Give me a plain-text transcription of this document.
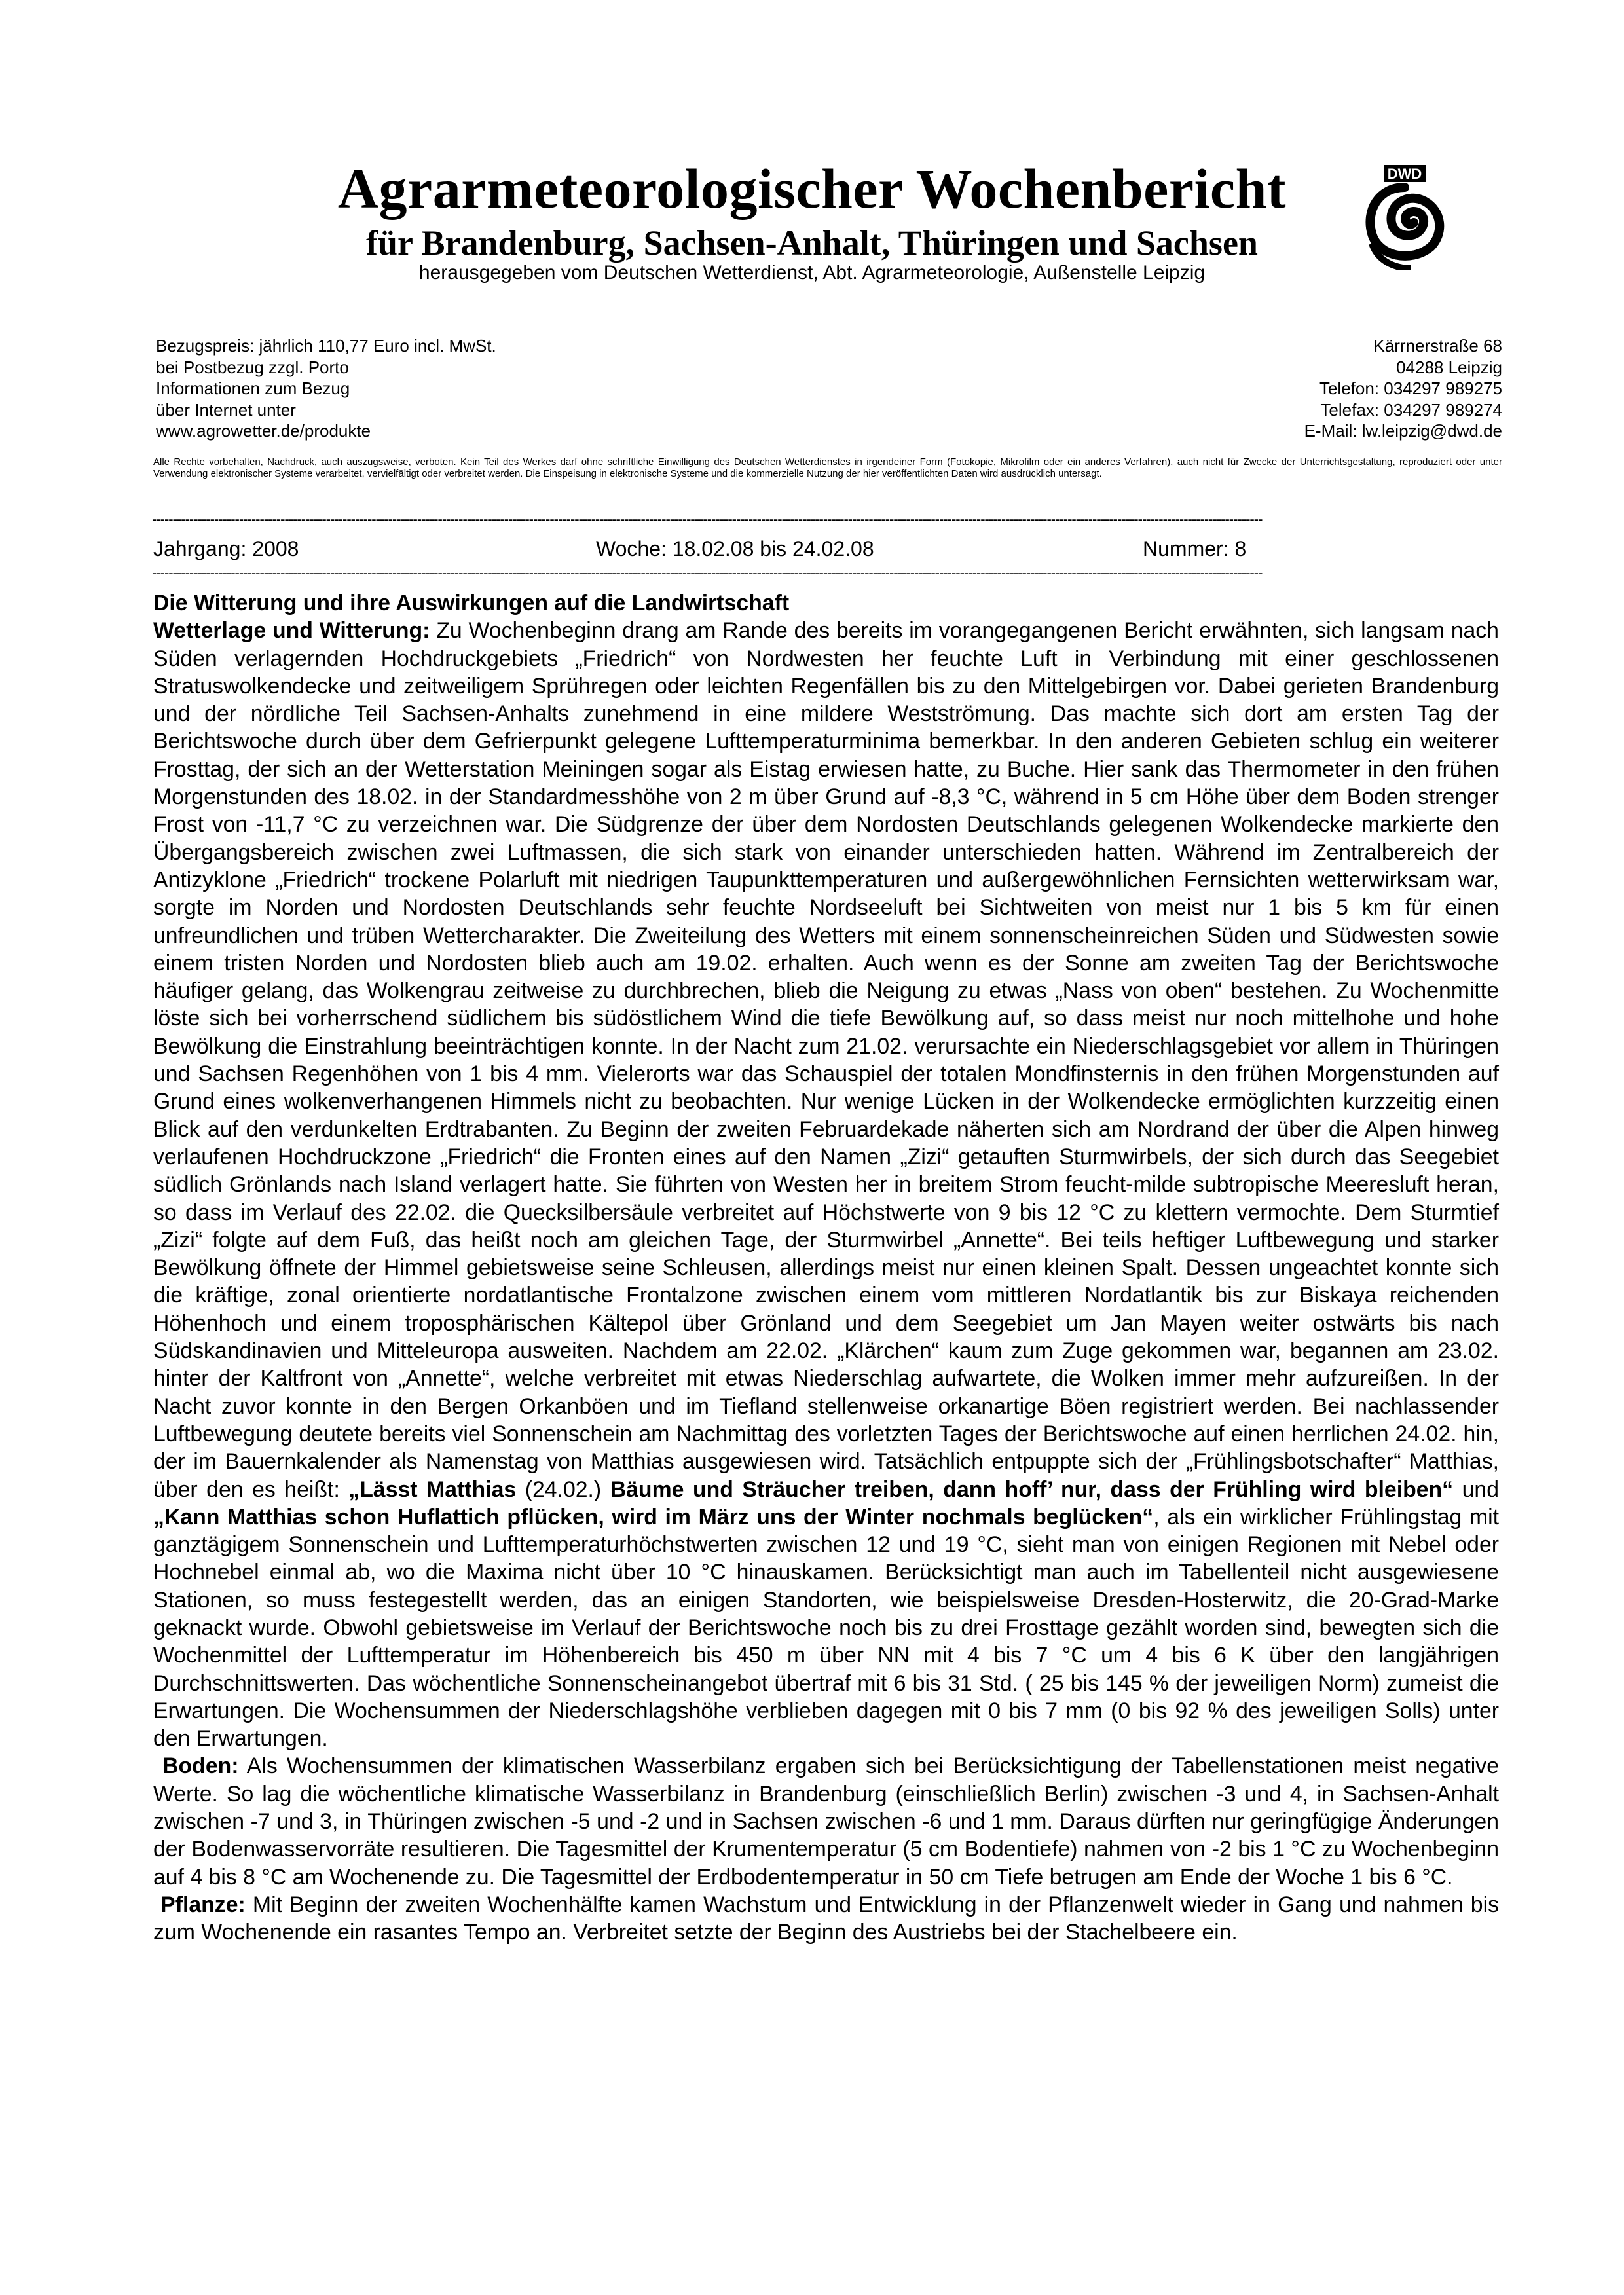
Agrarmeteorologischer Wochenbericht
für Brandenburg, Sachsen-Anhalt, Thüringen und Sachsen
herausgegeben vom Deutschen Wetterdienst, Abt. Agrarmeteorologie, Außenstelle Leipzig
DWD
Bezugspreis: jährlich 110,77 Euro incl. MwSt.
bei Postbezug zzgl. Porto
Informationen zum Bezug
über Internet unter
www.agrowetter.de/produkte
Kärrnerstraße 68
04288 Leipzig
Telefon: 034297 989275
Telefax: 034297 989274
E-Mail: lw.leipzig@dwd.de
Alle Rechte vorbehalten, Nachdruck, auch auszugsweise, verboten. Kein Teil des Werkes darf ohne schriftliche Einwilligung des Deutschen Wetterdienstes in irgendeiner Form (Fotokopie, Mikrofilm oder ein anderes Verfahren), auch nicht für Zwecke der Unterrichtsgestaltung, reproduziert oder unter Verwendung elektronischer Systeme verarbeitet, vervielfältigt oder verbreitet werden. Die Einspeisung in elektronische Systeme und die kommerzielle Nutzung der hier veröffentlichten Daten wird ausdrücklich untersagt.
----------------------------------------------------------------------------------------------------------------------------------------------------------------------------------------------------------------------------------------------------------------------------
Jahrgang: 2008	Woche: 18.02.08 bis 24.02.08	Nummer: 8
----------------------------------------------------------------------------------------------------------------------------------------------------------------------------------------------------------------------------------------------------------------------------

Die Witterung und ihre Auswirkungen auf die Landwirtschaft

Wetterlage und Witterung: Zu Wochenbeginn drang am Rande des bereits im vorangegangenen Bericht erwähnten, sich langsam nach Süden verlagernden Hochdruckgebiets „Friedrich“ von Nordwesten her feuchte Luft in Verbindung mit einer geschlossenen Stratuswolkendecke und zeitweiligem Sprühregen oder leichten Regenfällen bis zu den Mittelgebirgen vor. Dabei gerieten Brandenburg und der nördliche Teil Sachsen-Anhalts zunehmend in eine mildere Westströmung. Das machte sich dort am ersten Tag der Berichtswoche durch über dem Gefrierpunkt gelegene Lufttemperaturminima bemerkbar. In den anderen Gebieten schlug ein weiterer Frosttag, der sich an der Wetterstation Meiningen sogar als Eistag erwiesen hatte, zu Buche. Hier sank das Thermometer in den frühen Morgenstunden des 18.02. in der Standardmesshöhe von 2 m über Grund auf -8,3 °C, während in 5 cm Höhe über dem Boden strenger Frost von -11,7 °C zu verzeichnen war. Die Südgrenze der über dem Nordosten Deutschlands gelegenen Wolkendecke markierte den Übergangsbereich zwischen zwei Luftmassen, die sich stark von einander unterschieden hatten. Während im Zentralbereich der Antizyklone „Friedrich“ trockene Polarluft mit niedrigen Taupunkttemperaturen und außergewöhnlichen Fernsichten wetterwirksam war, sorgte im Norden und Nordosten Deutschlands sehr feuchte Nordseeluft bei Sichtweiten von meist nur 1 bis 5 km für einen unfreundlichen und trüben Wettercharakter. Die Zweiteilung des Wetters mit einem sonnenscheinreichen Süden und Südwesten sowie einem tristen Norden und Nordosten blieb auch am 19.02. erhalten. Auch wenn es der Sonne am zweiten Tag der Berichtswoche häufiger gelang, das Wolkengrau zeitweise zu durchbrechen, blieb die Neigung zu etwas „Nass von oben“ bestehen. Zu Wochenmitte löste sich bei vorherrschend südlichem bis südöstlichem Wind die tiefe Bewölkung auf, so dass meist nur noch mittelhohe und hohe Bewölkung die Einstrahlung beeinträchtigen konnte. In der Nacht zum 21.02. verursachte ein Niederschlagsgebiet vor allem in Thüringen und Sachsen Regenhöhen von 1 bis 4 mm. Vielerorts war das Schauspiel der totalen Mondfinsternis in den frühen Morgenstunden auf Grund eines wolkenverhangenen Himmels nicht zu beobachten. Nur wenige Lücken in der Wolkendecke ermöglichten kurzzeitig einen Blick auf den verdunkelten Erdtrabanten. Zu Beginn der zweiten Februardekade näherten sich am Nordrand der über die Alpen hinweg verlaufenen Hochdruckzone „Friedrich“ die Fronten eines auf den Namen „Zizi“ getauften Sturmwirbels, der sich durch das Seegebiet südlich Grönlands nach Island verlagert hatte. Sie führten von Westen her in breitem Strom feucht-milde subtropische Meeresluft heran, so dass im Verlauf des 22.02. die Quecksilbersäule verbreitet auf Höchstwerte von 9 bis 12 °C zu klettern vermochte. Dem Sturmtief „Zizi“ folgte auf dem Fuß, das heißt noch am gleichen Tage, der Sturmwirbel „Annette“. Bei teils heftiger Luftbewegung und starker Bewölkung öffnete der Himmel gebietsweise seine Schleusen, allerdings meist nur einen kleinen Spalt. Dessen ungeachtet konnte sich die kräftige, zonal orientierte nordatlantische Frontalzone zwischen einem vom mittleren Nordatlantik bis zur Biskaya reichenden Höhenhoch und einem troposphärischen Kältepol über Grönland und dem Seegebiet um Jan Mayen weiter ostwärts bis nach Südskandinavien und Mitteleuropa ausweiten. Nachdem am 22.02. „Klärchen“ kaum zum Zuge gekommen war, begannen am 23.02. hinter der Kaltfront von „Annette“, welche verbreitet mit etwas Niederschlag aufwartete, die Wolken immer mehr aufzureißen. In der Nacht zuvor konnte in den Bergen Orkanböen und im Tiefland stellenweise orkanartige Böen registriert werden. Bei nachlassender Luftbewegung deutete bereits viel Sonnenschein am Nachmittag des vorletzten Tages der Berichtswoche auf einen herrlichen 24.02. hin, der im Bauernkalender als Namenstag von Matthias ausgewiesen wird. Tatsächlich entpuppte sich der „Frühlingsbotschafter“ Matthias, über den es heißt: „Lässt Matthias (24.02.) Bäume und Sträucher treiben, dann hoff’ nur, dass der Frühling wird bleiben“ und „Kann Matthias schon Huflattich pflücken, wird im März uns der Winter nochmals beglücken“, als ein wirklicher Frühlingstag mit ganztägigem Sonnenschein und Lufttemperaturhöchstwerten zwischen 12 und 19 °C, sieht man von einigen Regionen mit Nebel oder Hochnebel einmal ab, wo die Maxima nicht über 10 °C hinauskamen. Berücksichtigt man auch im Tabellenteil nicht ausgewiesene Stationen, so muss festegestellt werden, das an einigen Standorten, wie beispielsweise Dresden-Hosterwitz, die 20-Grad-Marke geknackt wurde. Obwohl gebietsweise im Verlauf der Berichtswoche noch bis zu drei Frosttage gezählt worden sind, bewegten sich die Wochenmittel der Lufttemperatur im Höhenbereich bis 450 m über NN mit 4 bis 7 °C um 4 bis 6 K über den langjährigen Durchschnittswerten. Das wöchentliche Sonnenscheinangebot übertraf mit 6 bis 31 Std. ( 25 bis 145 % der jeweiligen Norm) zumeist die Erwartungen. Die Wochensummen der Niederschlagshöhe verblieben dagegen mit 0 bis 7 mm (0 bis 92 % des jeweiligen Solls) unter den Erwartungen.

Boden: Als Wochensummen der klimatischen Wasserbilanz ergaben sich bei Berücksichtigung der Tabellenstationen meist negative Werte. So lag die wöchentliche klimatische Wasserbilanz in Brandenburg (einschließlich Berlin) zwischen -3 und 4, in Sachsen-Anhalt zwischen -7 und 3, in Thüringen zwischen -5 und -2 und in Sachsen zwischen -6 und 1 mm. Daraus dürften nur geringfügige Änderungen der Bodenwasservorräte resultieren. Die Tagesmittel der Krumentemperatur (5 cm Bodentiefe) nahmen von -2 bis 1 °C zu Wochenbeginn auf 4 bis 8 °C am Wochenende zu. Die Tagesmittel der Erdbodentemperatur in 50 cm Tiefe betrugen am Ende der Woche 1 bis 6 °C.

Pflanze: Mit Beginn der zweiten Wochenhälfte kamen Wachstum und Entwicklung in der Pflanzenwelt wieder in Gang und nahmen bis zum Wochenende ein rasantes Tempo an. Verbreitet setzte der Beginn des Austriebs bei der Stachelbeere ein.
